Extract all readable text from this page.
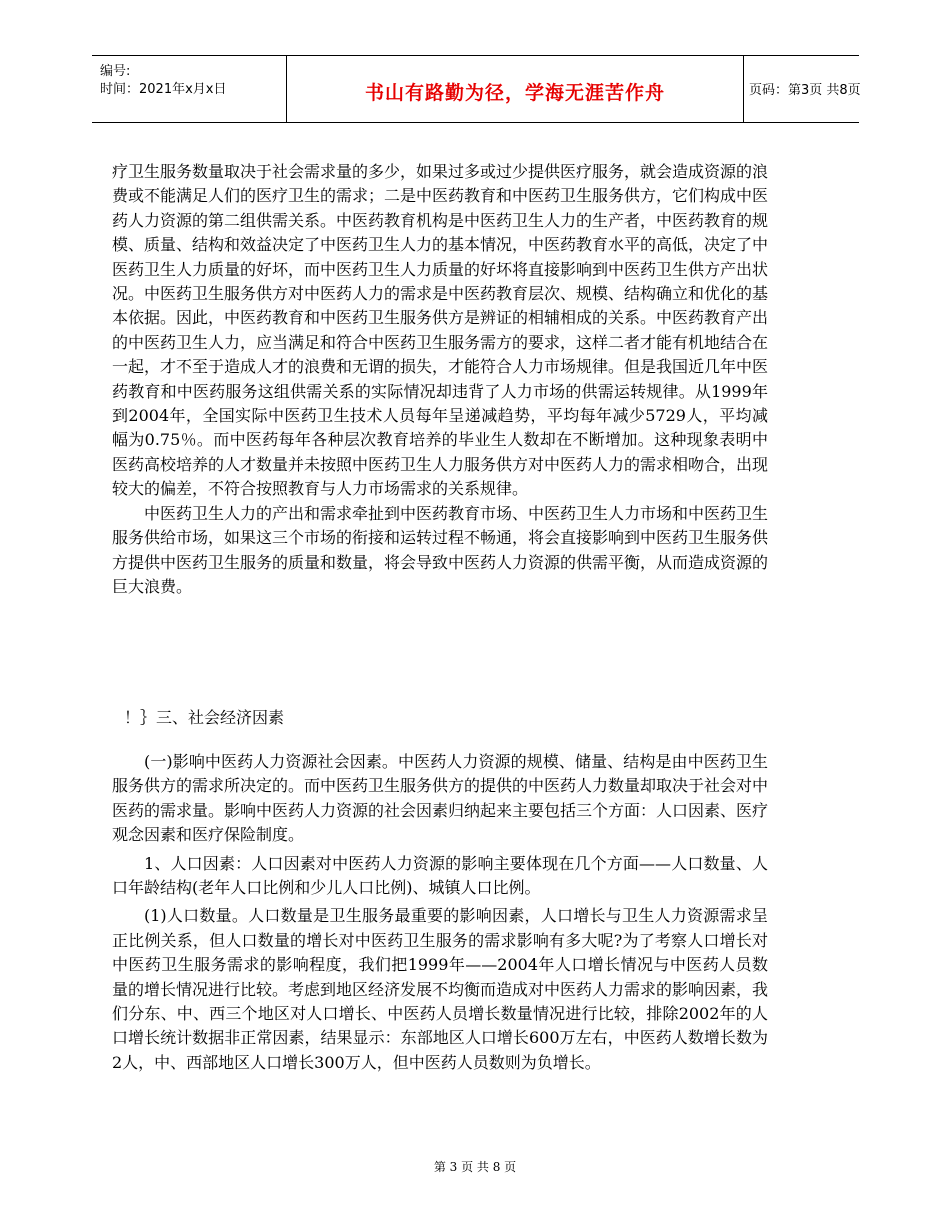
编号:
时间：2021年x月x日	书山有路勤为径，学海无涯苦作舟	页码：第3页 共8页

疗卫生服务数量取决于社会需求量的多少，如果过多或过少提供医疗服务，就会造成资源的浪费或不能满足人们的医疗卫生的需求；二是中医药教育和中医药卫生服务供方，它们构成中医药人力资源的第二组供需关系。中医药教育机构是中医药卫生人力的生产者，中医药教育的规模、质量、结构和效益决定了中医药卫生人力的基本情况，中医药教育水平的高低，决定了中医药卫生人力质量的好坏，而中医药卫生人力质量的好坏将直接影响到中医药卫生供方产出状况。中医药卫生服务供方对中医药人力的需求是中医药教育层次、规模、结构确立和优化的基本依据。因此，中医药教育和中医药卫生服务供方是辨证的相辅相成的关系。中医药教育产出的中医药卫生人力，应当满足和符合中医药卫生服务需方的要求，这样二者才能有机地结合在一起，才不至于造成人才的浪费和无谓的损失，才能符合人力市场规律。但是我国近几年中医药教育和中医药服务这组供需关系的实际情况却违背了人力市场的供需运转规律。从1999年到2004年，全国实际中医药卫生技术人员每年呈递减趋势，平均每年减少5729人，平均减幅为0.75％。而中医药每年各种层次教育培养的毕业生人数却在不断增加。这种现象表明中医药高校培养的人才数量并未按照中医药卫生人力服务供方对中医药人力的需求相吻合，出现较大的偏差，不符合按照教育与人力市场需求的关系规律。

中医药卫生人力的产出和需求牵扯到中医药教育市场、中医药卫生人力市场和中医药卫生服务供给市场，如果这三个市场的衔接和运转过程不畅通，将会直接影响到中医药卫生服务供方提供中医药卫生服务的质量和数量，将会导致中医药人力资源的供需平衡，从而造成资源的巨大浪费。

！｝三、社会经济因素

(一)影响中医药人力资源社会因素。中医药人力资源的规模、储量、结构是由中医药卫生服务供方的需求所决定的。而中医药卫生服务供方的提供的中医药人力数量却取决于社会对中医药的需求量。影响中医药人力资源的社会因素归纳起来主要包括三个方面：人口因素、医疗观念因素和医疗保险制度。

1、人口因素：人口因素对中医药人力资源的影响主要体现在几个方面——人口数量、人口年龄结构(老年人口比例和少儿人口比例)、城镇人口比例。

(1)人口数量。人口数量是卫生服务最重要的影响因素，人口增长与卫生人力资源需求呈正比例关系，但人口数量的增长对中医药卫生服务的需求影响有多大呢?为了考察人口增长对中医药卫生服务需求的影响程度，我们把1999年——2004年人口增长情况与中医药人员数量的增长情况进行比较。考虑到地区经济发展不均衡而造成对中医药人力需求的影响因素，我们分东、中、西三个地区对人口增长、中医药人员增长数量情况进行比较，排除2002年的人口增长统计数据非正常因素，结果显示：东部地区人口增长600万左右，中医药人数增长数为2人，中、西部地区人口增长300万人，但中医药人员数则为负增长。

第 3 页 共 8 页
